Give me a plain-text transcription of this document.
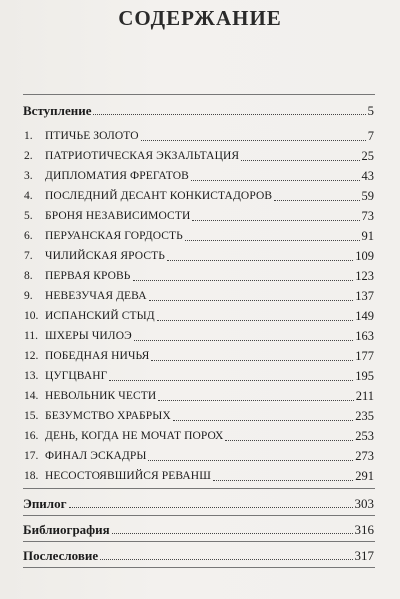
СОДЕРЖАНИЕ
Вступление	5
1.	ПТИЧЬЕ ЗОЛОТО	7
2.	ПАТРИОТИЧЕСКАЯ ЭКЗАЛЬТАЦИЯ	25
3.	ДИПЛОМАТИЯ ФРЕГАТОВ	43
4.	ПОСЛЕДНИЙ ДЕСАНТ КОНКИСТАДОРОВ	59
5.	БРОНЯ НЕЗАВИСИМОСТИ	73
6.	ПЕРУАНСКАЯ ГОРДОСТЬ	91
7.	ЧИЛИЙСКАЯ ЯРОСТЬ	109
8.	ПЕРВАЯ КРОВЬ	123
9.	НЕВЕЗУЧАЯ ДЕВА	137
10. ИСПАНСКИЙ СТЫД	149
11. ШХЕРЫ ЧИЛОЭ	163
12. ПОБЕДНАЯ НИЧЬЯ	177
13. ЦУГЦВАНГ	195
14. НЕВОЛЬНИК ЧЕСТИ	211
15. БЕЗУМСТВО ХРАБРЫХ	235
16. ДЕНЬ, КОГДА НЕ МОЧАТ ПОРОХ	253
17. ФИНАЛ ЭСКАДРЫ	273
18. НЕСОСТОЯВШИЙСЯ РЕВАНШ	291
Эпилог	303
Библиография	316
Послесловие	317
